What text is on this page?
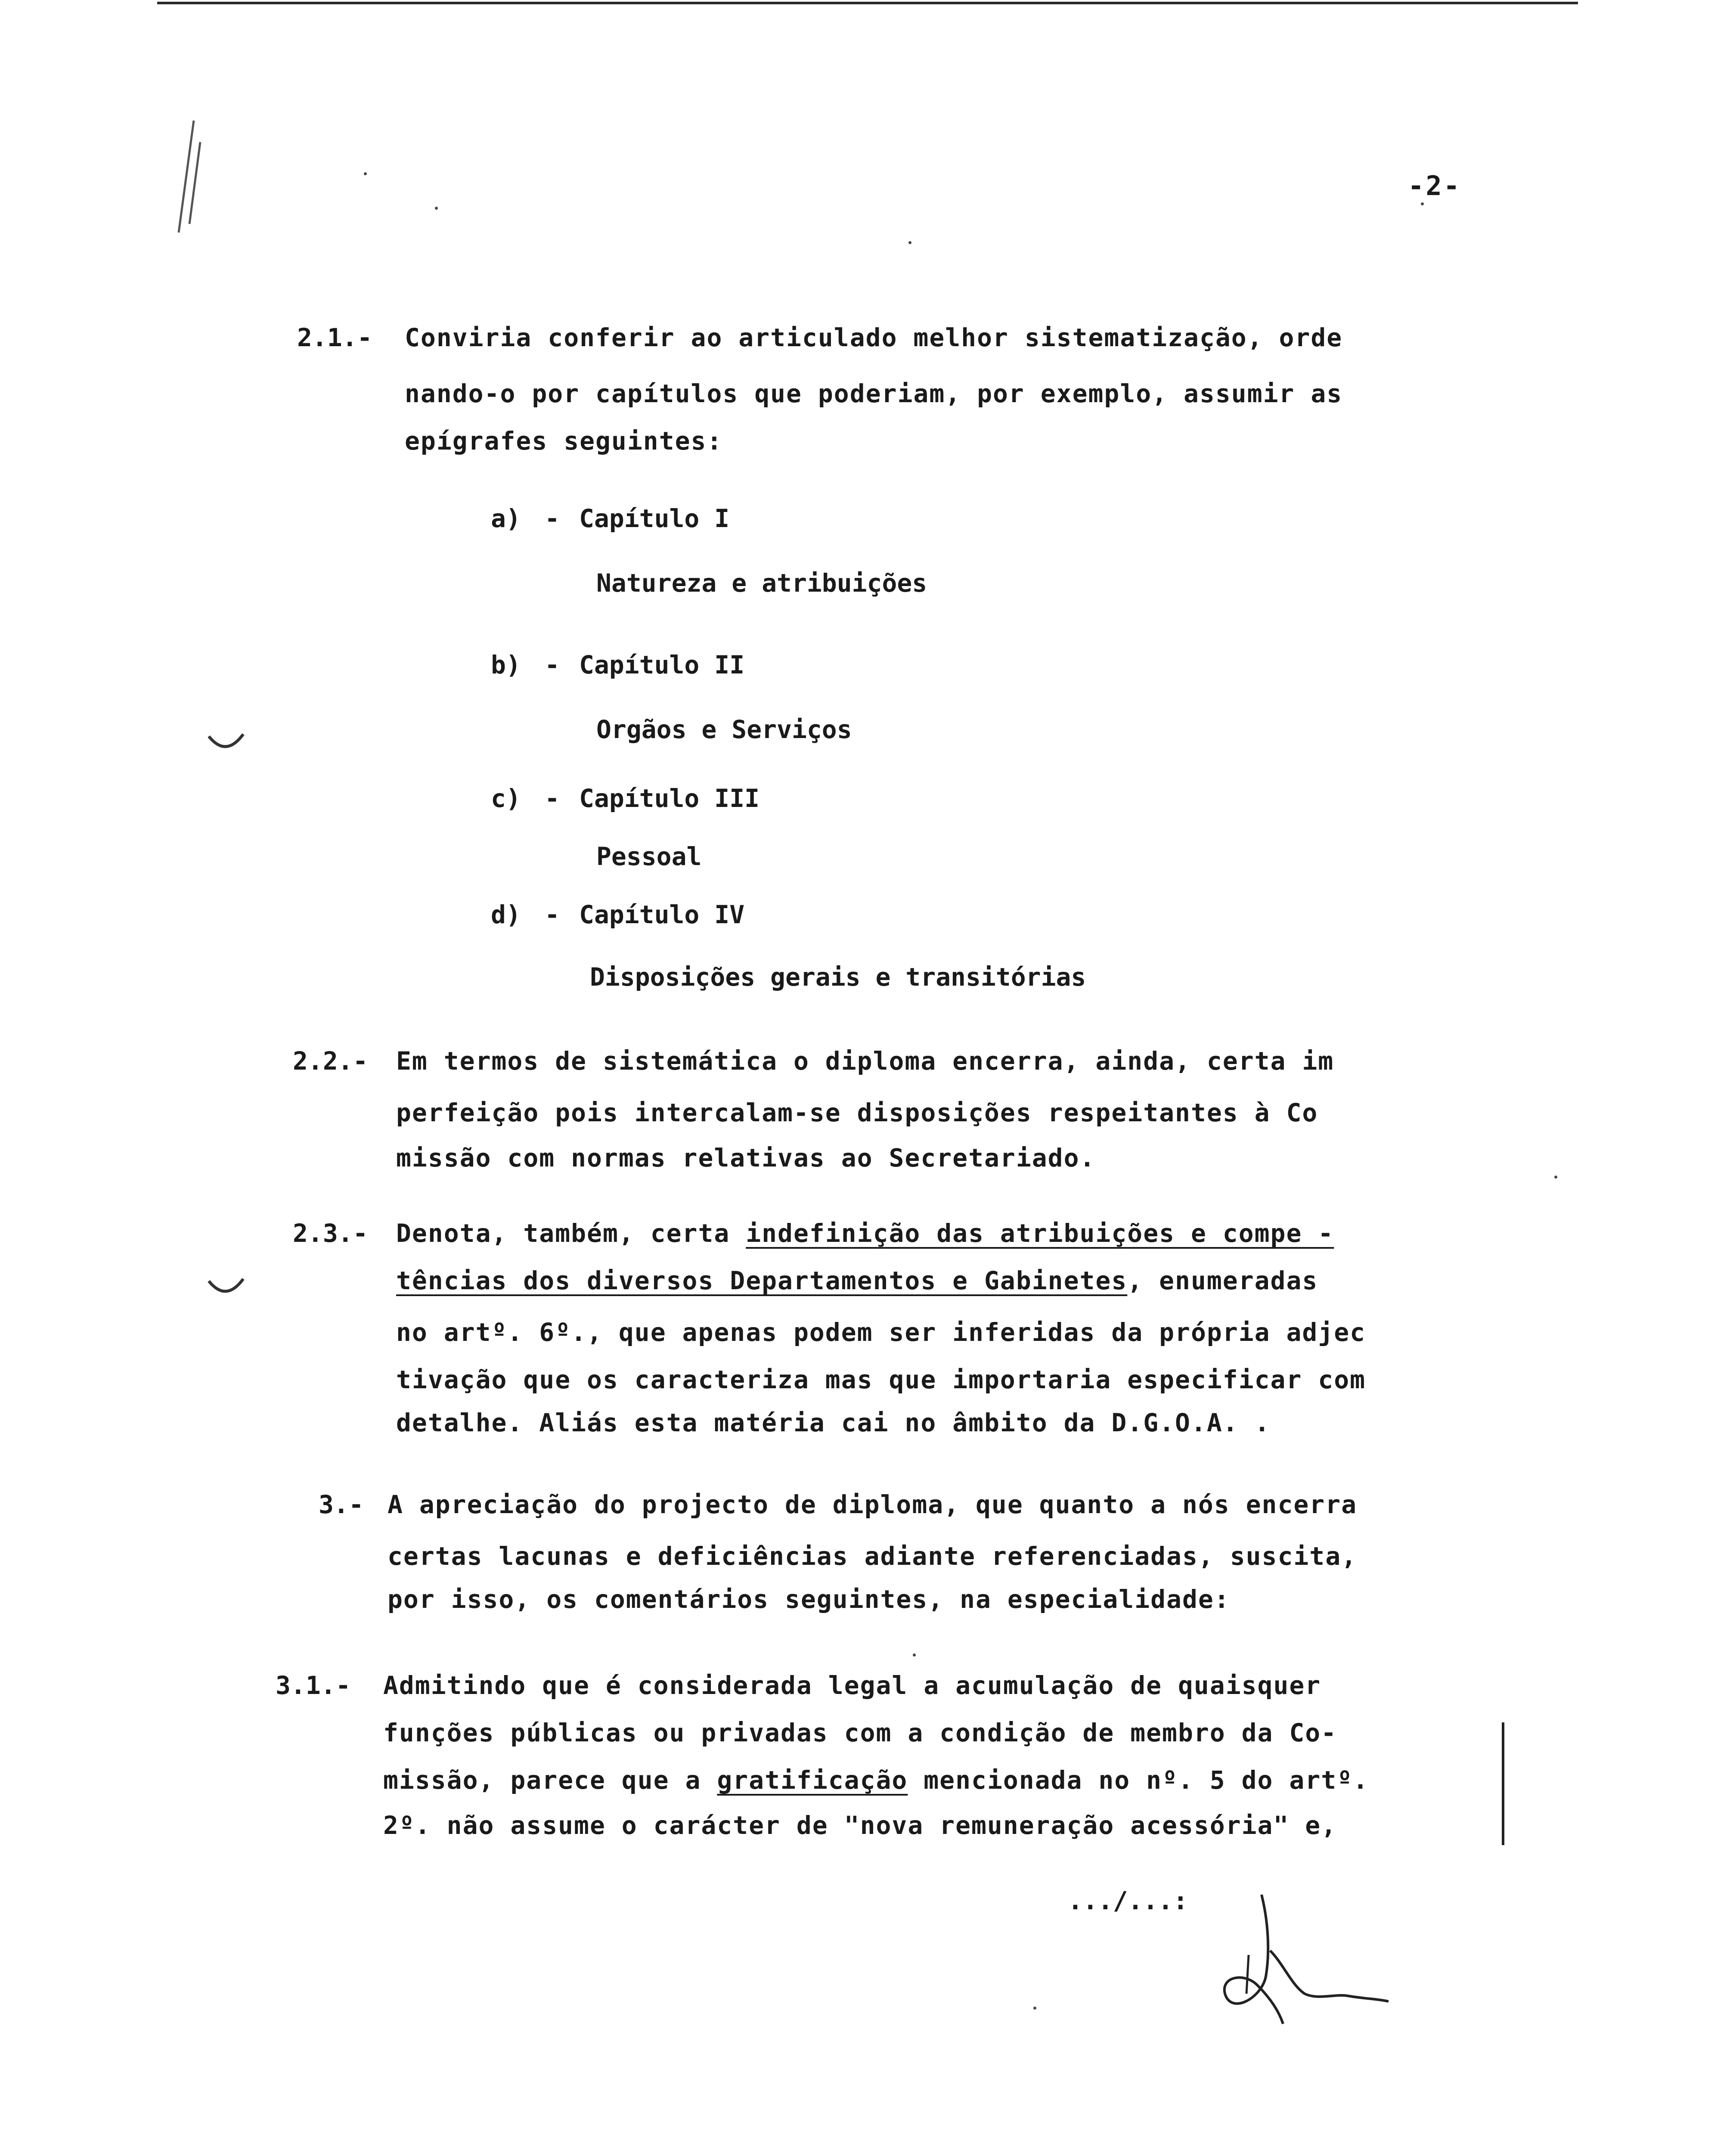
-2-
2.1.- Conviria conferir ao articulado melhor sistematização, orde
nando-o por capítulos que poderiam, por exemplo, assumir as
epígrafes seguintes:
a) - Capítulo I
Natureza e atribuições
b) - Capítulo II
Orgãos e Serviços
c) - Capítulo III
Pessoal
d) - Capítulo IV
Disposições gerais e transitórias
2.2.- Em termos de sistemática o diploma encerra, ainda, certa im
perfeição pois intercalam-se disposições respeitantes à Co
missão com normas relativas ao Secretariado.
2.3.- Denota, também, certa indefinição das atribuições e compe -
tências dos diversos Departamentos e Gabinetes, enumeradas
no artº. 6º., que apenas podem ser inferidas da própria adjec
tivação que os caracteriza mas que importaria especificar com
detalhe. Aliás esta matéria cai no âmbito da D.G.O.A. .
3.- A apreciação do projecto de diploma, que quanto a nós encerra
certas lacunas e deficiências adiante referenciadas, suscita,
por isso, os comentários seguintes, na especialidade:
3.1.- Admitindo que é considerada legal a acumulação de quaisquer
funções públicas ou privadas com a condição de membro da Co-
missão, parece que a gratificação mencionada no nº. 5 do artº.
2º. não assume o carácter de "nova remuneração acessória" e,
.../...:
